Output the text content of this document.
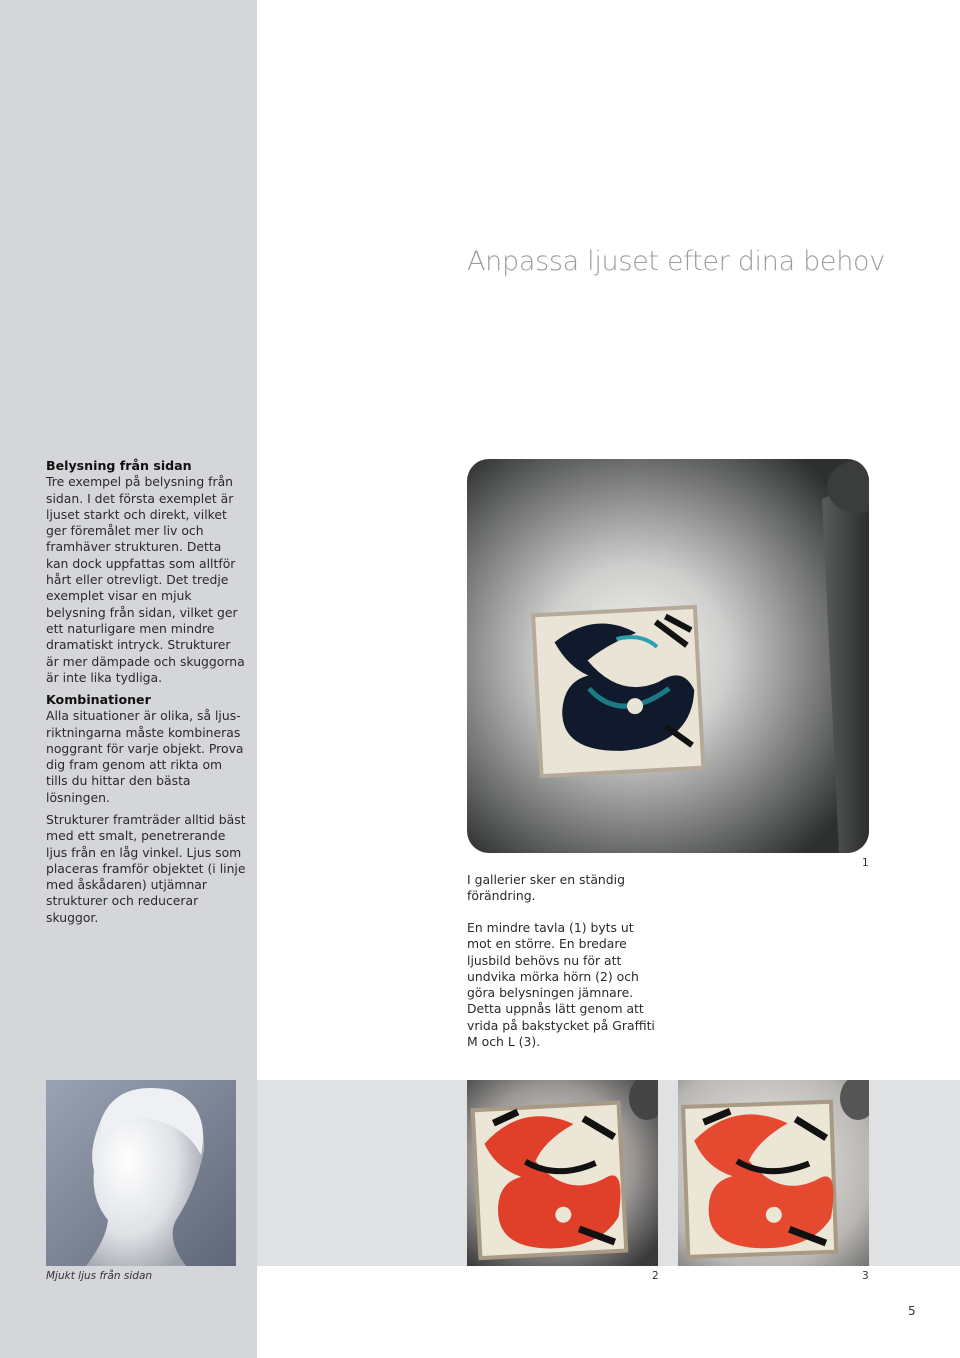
Anpassa ljuset efter dina behov
Belysning från sidan

Tre exempel på belysning från sidan. I det första exemplet är ljuset starkt och direkt, vilket ger föremålet mer liv och framhäver strukturen. Detta kan dock uppfattas som alltför hårt eller otrevligt. Det tredje exemplet visar en mjuk belysning från sidan, vilket ger ett naturligare men mindre dramatiskt intryck. Strukturer är mer dämpade och skuggorna är inte lika tydliga.

Kombinationer

Alla situationer är olika, så ljusriktningarna måste kombineras noggrant för varje objekt. Prova dig fram genom att rikta om tills du hittar den bästa lösningen.

Strukturer framträder alltid bäst med ett smalt, penetrerande ljus från en låg vinkel. Ljus som placeras framför objektet (i linje med åskådaren) utjämnar strukturer och reducerar skuggor.

1

I gallerier sker en ständig förändring.

En mindre tavla (1) byts ut mot en större. En bredare ljusbild behövs nu för att undvika mörka hörn (2) och göra belysningen jämnare. Detta uppnås lätt genom att vrida på bakstycket på Graffiti M och L (3).

Mjukt ljus från sidan	2	3
5
